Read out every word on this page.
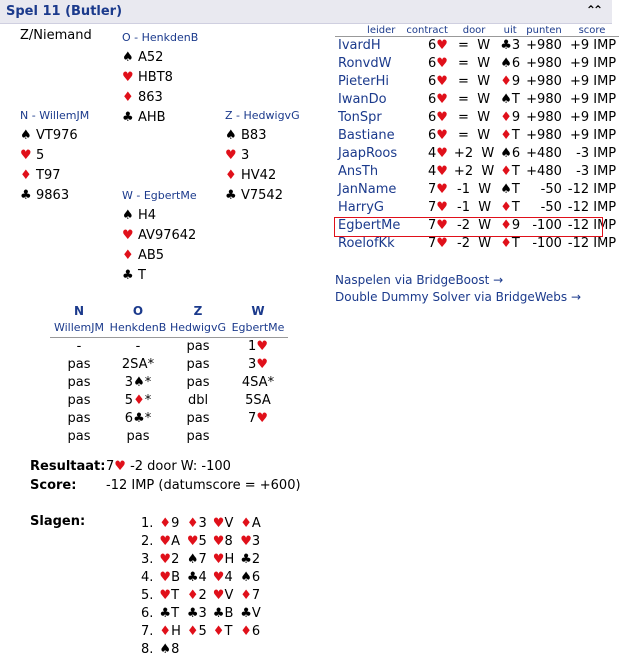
Spel 11 (Butler)	⌃⌃
Z/Niemand	O - HenkdenB
♠ A52
♥ HBT8
♦ 863
♣ AHB
N - WillemJM
♠ VT976
♥ 5
♦ T97
♣ 9863
Z - HedwigvG
♠ B83
♥ 3
♦ HV42
♣ V7542
W - EgbertMe
♠ H4
♥ AV97642
♦ AB5
♣ T
leider	contract	door	uit	punten	score
IvardH	6♥	= W	♣3	+980	+9 IMP
RonvdW	6♥	= W	♠6	+980	+9 IMP
PieterHi	6♥	= W	♦9	+980	+9 IMP
IwanDo	6♥	= W	♠T	+980	+9 IMP
TonSpr	6♥	= W	♦9	+980	+9 IMP
Bastiane	6♥	= W	♦T	+980	+9 IMP
JaapRoos	4♥	+2 W	♠6	+480	-3 IMP
AnsTh	4♥	+2 W	♦T	+480	-3 IMP
JanName	7♥	-1 W	♠T	-50	-12 IMP
HarryG	7♥	-1 W	♦T	-50	-12 IMP
EgbertMe	7♥	-2 W	♦9	-100	-12 IMP
RoelofKk	7♥	-2 W	♦T	-100	-12 IMP
Naspelen via BridgeBoost →
Double Dummy Solver via BridgeWebs →
N	O	Z	W
WillemJM	HenkdenB	HedwigvG	EgbertMe
-	-	pas	1♥
pas	2SA*	pas	3♥
pas	3♠*	pas	4SA*
pas	5♦*	dbl	5SA
pas	6♣*	pas	7♥
pas	pas	pas	
Resultaat: 7♥ -2 door W: -100
Score: -12 IMP (datumscore = +600)
Slagen:	1.	♦9	♦3	♥V	♦A
2.	♥A	♥5	♥8	♥3
3.	♥2	♠7	♥H	♣2
4.	♥B	♣4	♥4	♠6
5.	♥T	♦2	♥V	♦7
6.	♣T	♣3	♣B	♣V
7.	♦H	♦5	♦T	♦6
8.	♠8			
